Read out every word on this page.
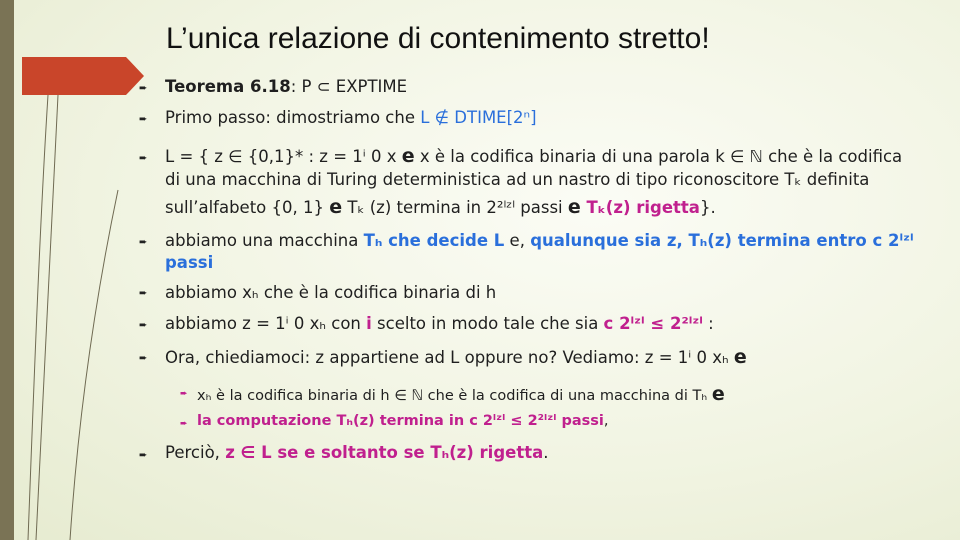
L’unica relazione di contenimento stretto!
➨ Teorema 6.18: P ⊂ EXPTIME
➨ Primo passo: dimostriamo che L ∉ DTIME[2ⁿ]
➨ L = { z ∈ {0,1}* : z = 1ⁱ 0 x e x è la codifica binaria di una parola k ∈ ℕ che è la codifica
di una macchina di Turing deterministica ad un nastro di tipo riconoscitore Tₖ definita
sull’alfabeto {0, 1} e Tₖ (z) termina in 2²ˡᶻˡ passi e Tₖ(z) rigetta}.
➨ abbiamo una macchina Tₕ che decide L e, qualunque sia z, Tₕ(z) termina entro c 2ˡᶻˡ
passi
➨ abbiamo xₕ che è la codifica binaria di h
➨ abbiamo z = 1ⁱ 0 xₕ con i scelto in modo tale che sia c 2ˡᶻˡ ≤ 2²ˡᶻˡ :
➨ Ora, chiediamoci: z appartiene ad L oppure no? Vediamo: z = 1ⁱ 0 xₕ e
➨ xₕ è la codifica binaria di h ∈ ℕ che è la codifica di una macchina di Tₕ e
➨ la computazione Tₕ(z) termina in c 2ˡᶻˡ ≤ 2²ˡᶻˡ passi,
➨ Perciò, z ∈ L se e soltanto se Tₕ(z) rigetta.
